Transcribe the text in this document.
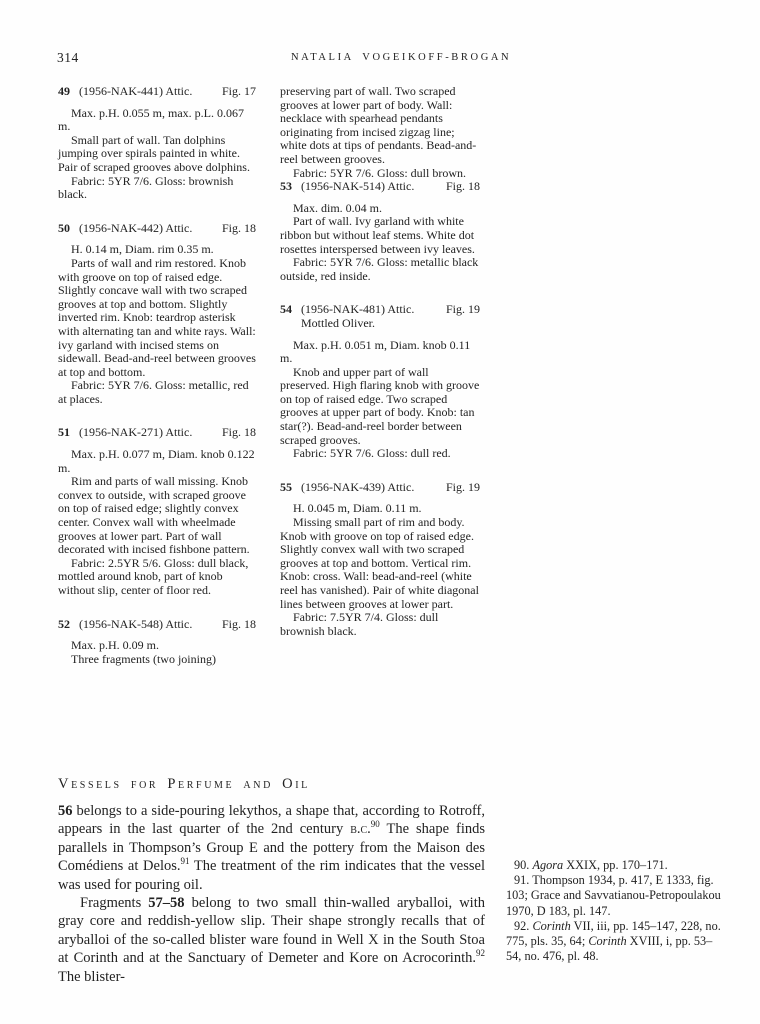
314	NATALIA VOGEIKOFF-BROGAN
49 (1956-NAK-441) Attic.	Fig. 17

Max. p.H. 0.055 m, max. p.L. 0.067 m.

Small part of wall. Tan dolphins jumping over spirals painted in white. Pair of scraped grooves above dolphins.

Fabric: 5YR 7/6. Gloss: brownish black.

50 (1956-NAK-442) Attic.	Fig. 18

H. 0.14 m, Diam. rim 0.35 m.

Parts of wall and rim restored. Knob with groove on top of raised edge. Slightly concave wall with two scraped grooves at top and bottom. Slightly inverted rim. Knob: teardrop asterisk with alternating tan and white rays. Wall: ivy garland with incised stems on sidewall. Bead-and-reel between grooves at top and bottom.

Fabric: 5YR 7/6. Gloss: metallic, red at places.

51 (1956-NAK-271) Attic.	Fig. 18

Max. p.H. 0.077 m, Diam. knob 0.122 m.

Rim and parts of wall missing. Knob convex to outside, with scraped groove on top of raised edge; slightly convex center. Convex wall with wheelmade grooves at lower part. Part of wall decorated with incised fishbone pattern.

Fabric: 2.5YR 5/6. Gloss: dull black, mottled around knob, part of knob without slip, center of floor red.

52 (1956-NAK-548) Attic.	Fig. 18

Max. p.H. 0.09 m.

Three fragments (two joining)

preserving part of wall. Two scraped grooves at lower part of body. Wall: necklace with spearhead pendants originating from incised zigzag line; white dots at tips of pendants. Bead-and-reel between grooves.

Fabric: 5YR 7/6. Gloss: dull brown.

53 (1956-NAK-514) Attic.	Fig. 18

Max. dim. 0.04 m.

Part of wall. Ivy garland with white ribbon but without leaf stems. White dot rosettes interspersed between ivy leaves.

Fabric: 5YR 7/6. Gloss: metallic black outside, red inside.

54 (1956-NAK-481) Attic.	Fig. 19

Mottled Oliver.

Max. p.H. 0.051 m, Diam. knob 0.11 m.

Knob and upper part of wall preserved. High flaring knob with groove on top of raised edge. Two scraped grooves at upper part of body. Knob: tan star(?). Bead-and-reel border between scraped grooves.

Fabric: 5YR 7/6. Gloss: dull red.

55 (1956-NAK-439) Attic.	Fig. 19

H. 0.045 m, Diam. 0.11 m.

Missing small part of rim and body. Knob with groove on top of raised edge. Slightly convex wall with two scraped grooves at top and bottom. Vertical rim. Knob: cross. Wall: bead-and-reel (white reel has vanished). Pair of white diagonal lines between grooves at lower part.

Fabric: 7.5YR 7/4. Gloss: dull brownish black.

Vessels for Perfume and Oil

56 belongs to a side-pouring lekythos, a shape that, according to Rotroff, appears in the last quarter of the 2nd century b.c.$^{90}$ The shape finds parallels in Thompson’s Group E and the pottery from the Maison des Comédiens at Delos.$^{91}$ The treatment of the rim indicates that the vessel was used for pouring oil.

Fragments 57–58 belong to two small thin-walled aryballoi, with gray core and reddish-yellow slip. Their shape strongly recalls that of aryballoi of the so-called blister ware found in Well X in the South Stoa at Corinth and at the Sanctuary of Demeter and Kore on Acrocorinth.$^{92}$ The blister-

90. Agora XXIX, pp. 170–171.

91. Thompson 1934, p. 417, E 1333, fig. 103; Grace and Savvatianou-Petropoulakou 1970, D 183, pl. 147.

92. Corinth VII, iii, pp. 145–147, 228, no. 775, pls. 35, 64; Corinth XVIII, i, pp. 53–54, no. 476, pl. 48.
